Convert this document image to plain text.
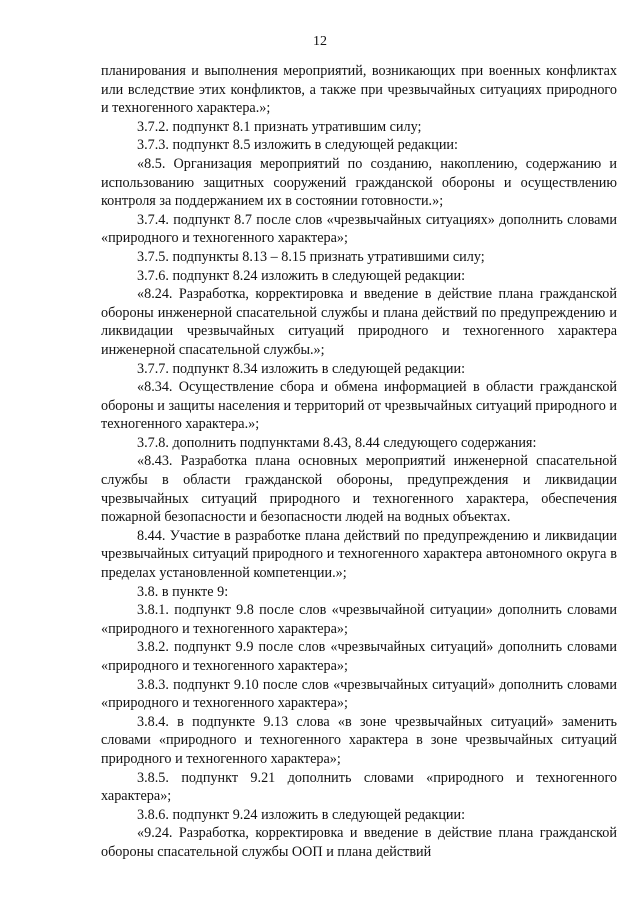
12

планирования и выполнения мероприятий, возникающих при военных конфликтах или вследствие этих конфликтов, а также при чрезвычайных ситуациях природного и техногенного характера.»;

3.7.2. подпункт 8.1 признать утратившим силу;

3.7.3. подпункт 8.5 изложить в следующей редакции:

«8.5. Организация мероприятий по созданию, накоплению, содержанию и использованию защитных сооружений гражданской обороны и осуществлению контроля за поддержанием их в состоянии готовности.»;

3.7.4. подпункт 8.7 после слов «чрезвычайных ситуациях» дополнить словами «природного и техногенного характера»;

3.7.5. подпункты 8.13 – 8.15 признать утратившими силу;

3.7.6. подпункт 8.24 изложить в следующей редакции:

«8.24. Разработка, корректировка и введение в действие плана гражданской обороны инженерной спасательной службы и плана действий по предупреждению и ликвидации чрезвычайных ситуаций природного и техногенного характера инженерной спасательной службы.»;

3.7.7. подпункт 8.34 изложить в следующей редакции:

«8.34. Осуществление сбора и обмена информацией в области гражданской обороны и защиты населения и территорий от чрезвычайных ситуаций природного и техногенного характера.»;

3.7.8. дополнить подпунктами 8.43, 8.44 следующего содержания:

«8.43. Разработка плана основных мероприятий инженерной спасательной службы в области гражданской обороны, предупреждения и ликвидации чрезвычайных ситуаций природного и техногенного характера, обеспечения пожарной безопасности и безопасности людей на водных объектах.

8.44. Участие в разработке плана действий по предупреждению и ликвидации чрезвычайных ситуаций природного и техногенного характера автономного округа в пределах установленной компетенции.»;

3.8. в пункте 9:

3.8.1. подпункт 9.8 после слов «чрезвычайной ситуации» дополнить словами «природного и техногенного характера»;

3.8.2. подпункт 9.9 после слов «чрезвычайных ситуаций» дополнить словами «природного и техногенного характера»;

3.8.3. подпункт 9.10 после слов «чрезвычайных ситуаций» дополнить словами «природного и техногенного характера»;

3.8.4. в подпункте 9.13 слова «в зоне чрезвычайных ситуаций» заменить словами «природного и техногенного характера в зоне чрезвычайных ситуаций природного и техногенного характера»;

3.8.5. подпункт 9.21 дополнить словами «природного и техногенного характера»;

3.8.6. подпункт 9.24 изложить в следующей редакции:

«9.24. Разработка, корректировка и введение в действие плана гражданской обороны спасательной службы ООП и плана действий
